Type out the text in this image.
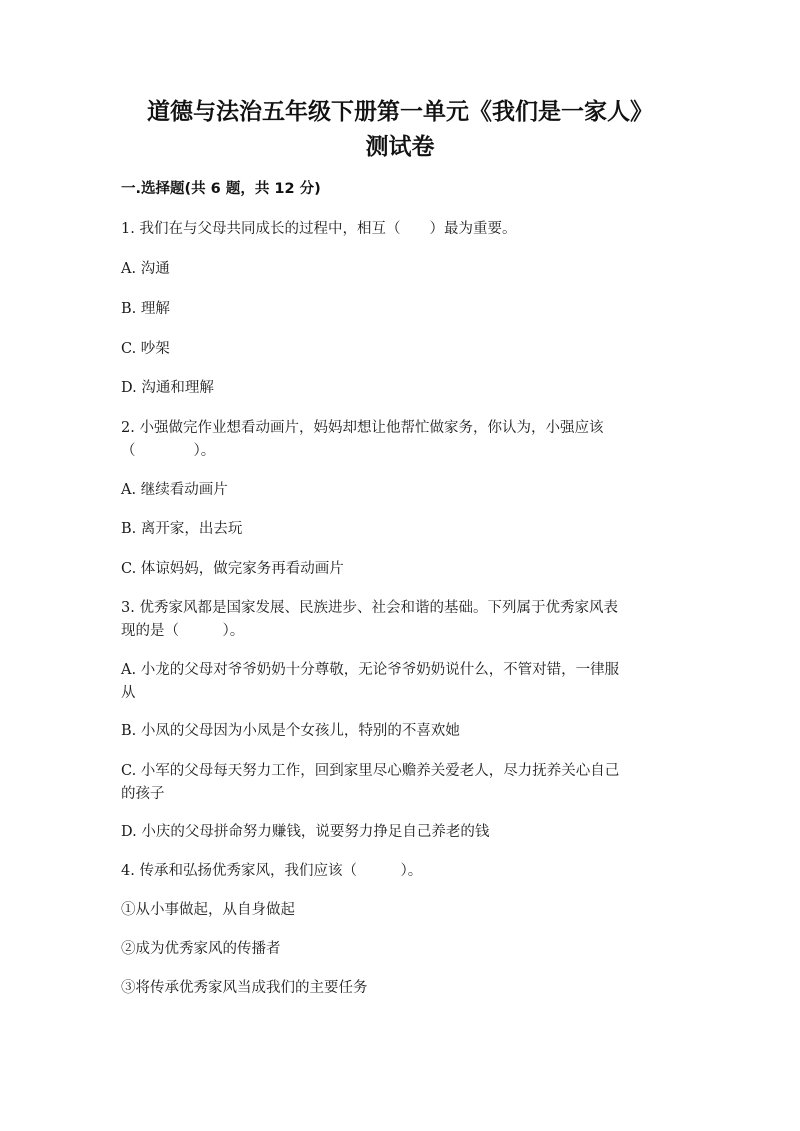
道德与法治五年级下册第一单元《我们是一家人》
测试卷
一.选择题(共 6 题，共 12 分)
1. 我们在与父母共同成长的过程中，相互（　　）最为重要。
A. 沟通
B. 理解
C. 吵架
D. 沟通和理解
2. 小强做完作业想看动画片，妈妈却想让他帮忙做家务，你认为，小强应该
（　　　　）。
A. 继续看动画片
B. 离开家，出去玩
C. 体谅妈妈，做完家务再看动画片
3. 优秀家风都是国家发展、民族进步、社会和谐的基础。下列属于优秀家风表
现的是（　　　）。
A. 小龙的父母对爷爷奶奶十分尊敬，无论爷爷奶奶说什么，不管对错，一律服
从
B. 小凤的父母因为小凤是个女孩儿，特别的不喜欢她
C. 小军的父母每天努力工作，回到家里尽心赡养关爱老人，尽力抚养关心自己
的孩子
D. 小庆的父母拼命努力赚钱，说要努力挣足自己养老的钱
4. 传承和弘扬优秀家风，我们应该（　　　）。
①从小事做起，从自身做起
②成为优秀家风的传播者
③将传承优秀家风当成我们的主要任务
